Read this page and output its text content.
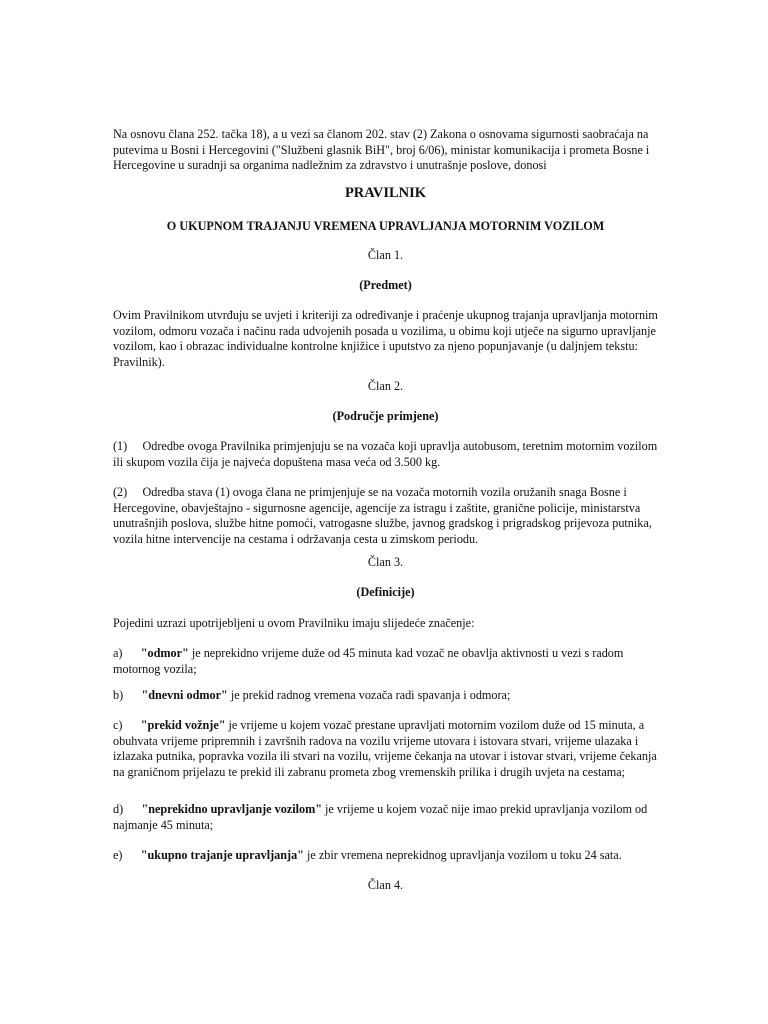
Na osnovu člana 252. tačka 18), a u vezi sa članom 202. stav (2) Zakona o osnovama sigurnosti saobraćaja na putevima u Bosni i Hercegovini ("Službeni glasnik BiH", broj 6/06), ministar komunikacija i prometa Bosne i Hercegovine u suradnji sa organima nadležnim za zdravstvo i unutrašnje poslove, donosi

PRAVILNIK

O UKUPNOM TRAJANJU VREMENA UPRAVLJANJA MOTORNIM VOZILOM

Član 1.

(Predmet)

Ovim Pravilnikom utvrđuju se uvjeti i kriteriji za određivanje i praćenje ukupnog trajanja upravljanja motornim vozilom, odmoru vozača i načinu rada udvojenih posada u vozilima, u obimu koji utječe na sigurno upravljanje vozilom, kao i obrazac individualne kontrolne knjižice i uputstvo za njeno popunjavanje (u daljnjem tekstu: Pravilnik).

Član 2.

(Područje primjene)

(1) Odredbe ovoga Pravilnika primjenjuju se na vozača koji upravlja autobusom, teretnim motornim vozilom ili skupom vozila čija je najveća dopuštena masa veća od 3.500 kg.
(2) Odredba stava (1) ovoga člana ne primjenjuje se na vozača motornih vozila oružanih snaga Bosne i Hercegovine, obavještajno - sigurnosne agencije, agencije za istragu i zaštite, granične policije, ministarstva unutrašnjih poslova, službe hitne pomoći, vatrogasne službe, javnog gradskog i prigradskog prijevoza putnika, vozila hitne intervencije na cestama i održavanja cesta u zimskom periodu.

Član 3.

(Definicije)

Pojedini uzrazi upotrijebljeni u ovom Pravilniku imaju slijedeće značenje:

a) "odmor" je neprekidno vrijeme duže od 45 minuta kad vozač ne obavlja aktivnosti u vezi s radom motornog vozila;
b) "dnevni odmor" je prekid radnog vremena vozača radi spavanja i odmora;
c) "prekid vožnje" je vrijeme u kojem vozač prestane upravljati motornim vozilom duže od 15 minuta, a obuhvata vrijeme pripremnih i završnih radova na vozilu vrijeme utovara i istovara stvari, vrijeme ulazaka i izlazaka putnika, popravka vozila ili stvari na vozilu, vrijeme čekanja na utovar i istovar stvari, vrijeme čekanja na graničnom prijelazu te prekid ili zabranu prometa zbog vremenskih prilika i drugih uvjeta na cestama;
d) "neprekidno upravljanje vozilom" je vrijeme u kojem vozač nije imao prekid upravljanja vozilom od najmanje 45 minuta;
e) "ukupno trajanje upravljanja" je zbir vremena neprekidnog upravljanja vozilom u toku 24 sata.

Član 4.
